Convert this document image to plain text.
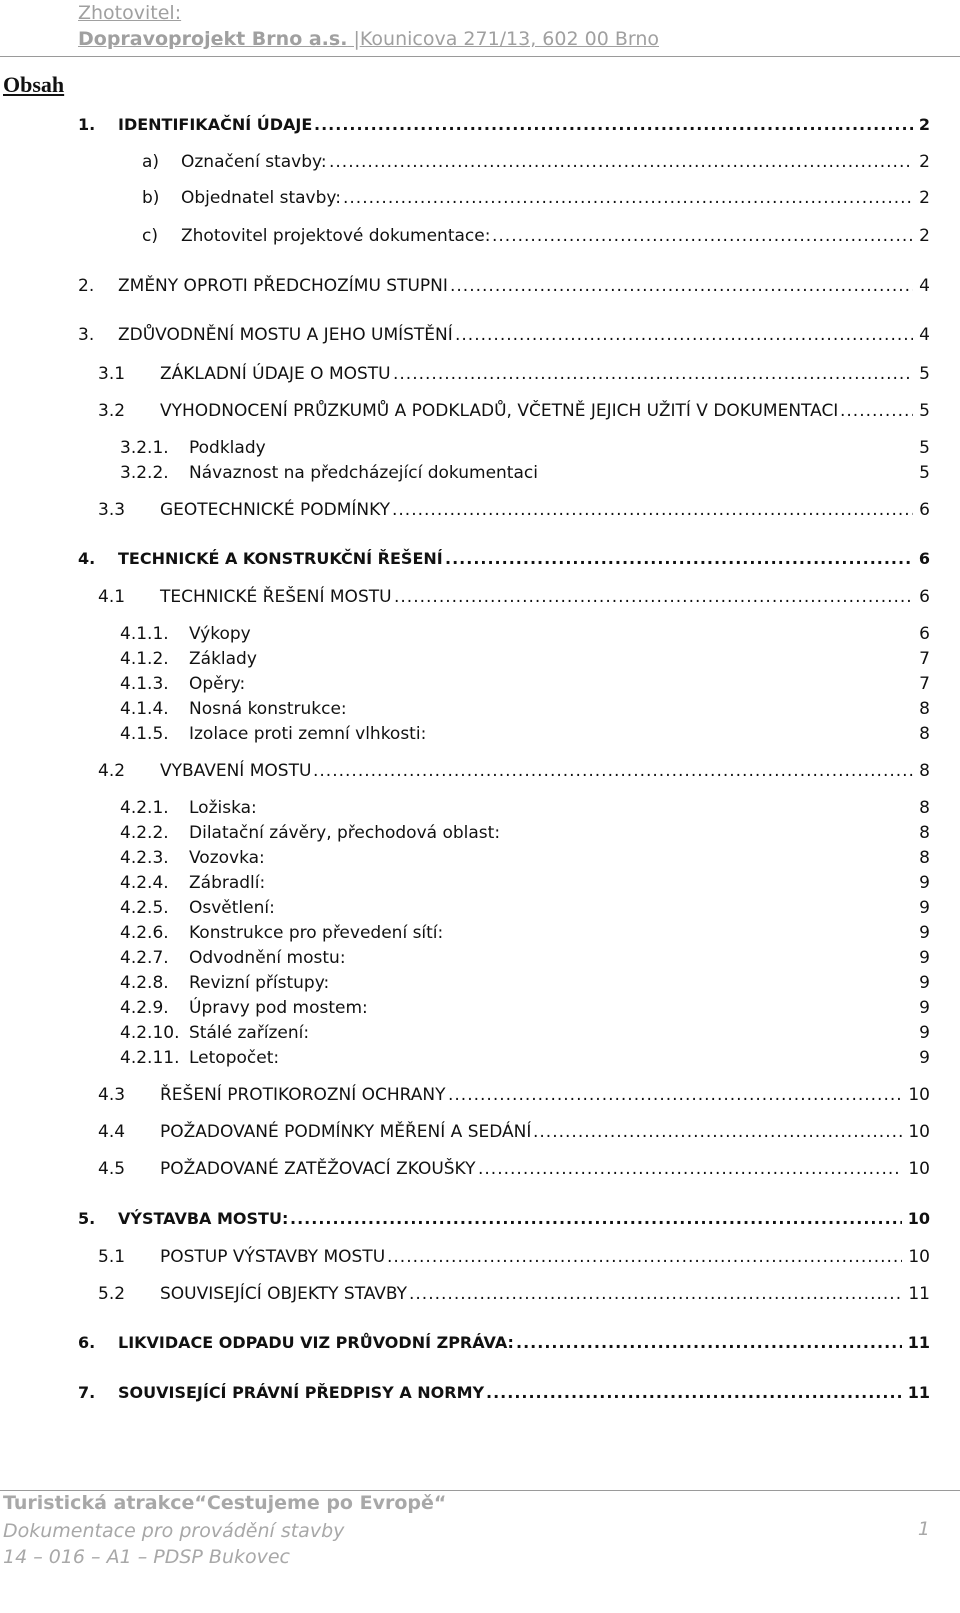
Zhotovitel:
Dopravoprojekt Brno a.s. |Kounicova 271/13, 602 00 Brno
Obsah
1. IDENTIFIKAČNÍ ÚDAJE	2
.....
a) Označení stavby:	2
.....
b) Objednatel stavby:	2
.....
c) Zhotovitel projektové dokumentace:	2
.....
2. ZMĚNY OPROTI PŘEDCHOZÍMU STUPNI	4
.....
3. ZDŮVODNĚNÍ MOSTU A JEHO UMÍSTĚNÍ	4
.....
3.1 ZÁKLADNÍ ÚDAJE O MOSTU	5
.....
3.2 VYHODNOCENÍ PRŮZKUMŮ A PODKLADŮ, VČETNĚ JEJICH UŽITÍ V DOKUMENTACI	5
.....
3.2.1. Podklady	5
3.2.2. Návaznost na předcházející dokumentaci	5
3.3 GEOTECHNICKÉ PODMÍNKY	6
.....
4. TECHNICKÉ A KONSTRUKČNÍ ŘEŠENÍ	6
.....
4.1 TECHNICKÉ ŘEŠENÍ MOSTU	6
.....
4.1.1. Výkopy	6
4.1.2. Základy	7
4.1.3. Opěry:	7
4.1.4. Nosná konstrukce:	8
4.1.5. Izolace proti zemní vlhkosti:	8
4.2 VYBAVENÍ MOSTU	8
.....
4.2.1. Ložiska:	8
4.2.2. Dilatační závěry, přechodová oblast:	8
4.2.3. Vozovka:	8
4.2.4. Zábradlí:	9
4.2.5. Osvětlení:	9
4.2.6. Konstrukce pro převedení sítí:	9
4.2.7. Odvodnění mostu:	9
4.2.8. Revizní přístupy:	9
4.2.9. Úpravy pod mostem:	9
4.2.10. Stálé zařízení:	9
4.2.11. Letopočet:	9
4.3 ŘEŠENÍ PROTIKOROZNÍ OCHRANY	10
.....
4.4 POŽADOVANÉ PODMÍNKY MĚŘENÍ A SEDÁNÍ	10
.....
4.5 POŽADOVANÉ ZATĚŽOVACÍ ZKOUŠKY	10
.....
5. VÝSTAVBA MOSTU:	10
.....
5.1 POSTUP VÝSTAVBY MOSTU	10
.....
5.2 SOUVISEJÍCÍ OBJEKTY STAVBY	11
.....
6. LIKVIDACE ODPADU VIZ PRŮVODNÍ ZPRÁVA:	11
.....
7. SOUVISEJÍCÍ PRÁVNÍ PŘEDPISY A NORMY	11
.....
Turistická atrakce“Cestujeme po Evropě“
Dokumentace pro provádění stavby	1
14 – 016 – A1 – PDSP Bukovec
